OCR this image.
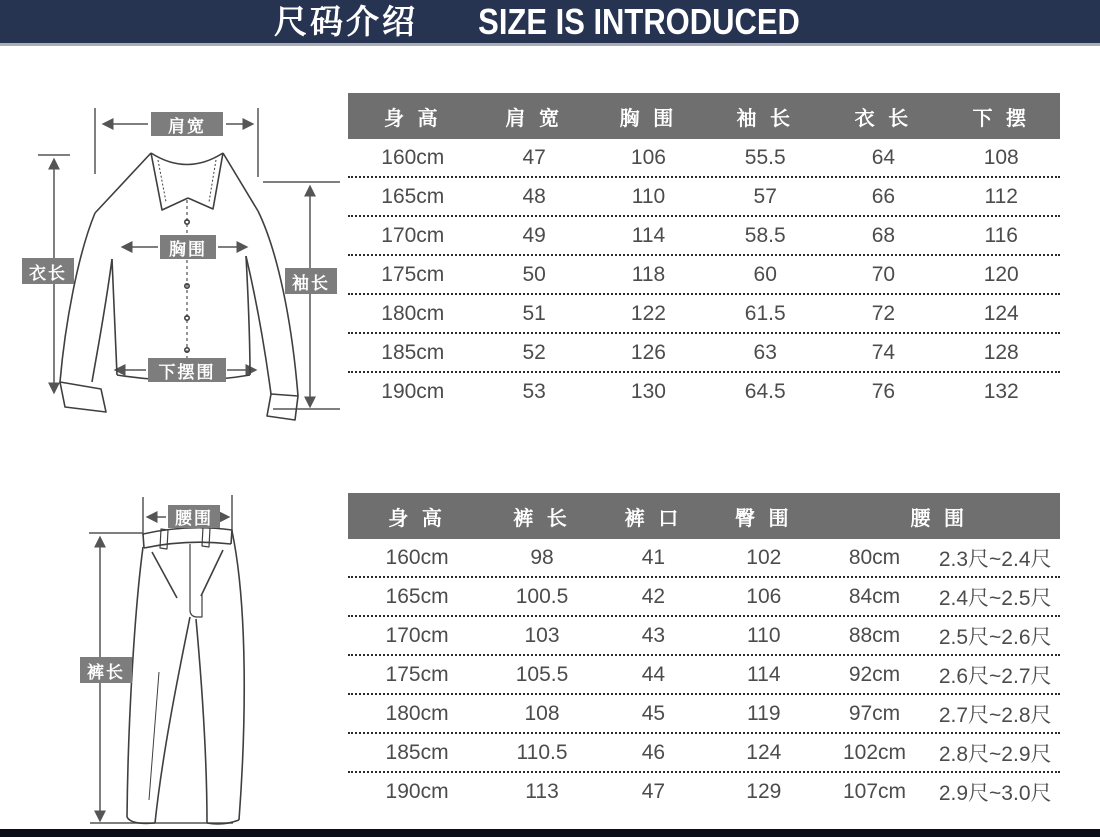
尺码介绍 SIZE IS INTRODUCED
肩宽
胸围
衣长
袖长
下摆围
身 高	肩 宽	胸 围	袖 长	衣 长	下 摆
160cm	47	106	55.5	64	108
165cm	48	110	57	66	112
170cm	49	114	58.5	68	116
175cm	50	118	60	70	120
180cm	51	122	61.5	72	124
185cm	52	126	63	74	128
190cm	53	130	64.5	76	132
腰围
裤长
身 高	裤 长	裤 口	臀 围	腰 围
160cm	98	41	102	80cm	2.3尺~2.4尺
165cm	100.5	42	106	84cm	2.4尺~2.5尺
170cm	103	43	110	88cm	2.5尺~2.6尺
175cm	105.5	44	114	92cm	2.6尺~2.7尺
180cm	108	45	119	97cm	2.7尺~2.8尺
185cm	110.5	46	124	102cm	2.8尺~2.9尺
190cm	113	47	129	107cm	2.9尺~3.0尺
